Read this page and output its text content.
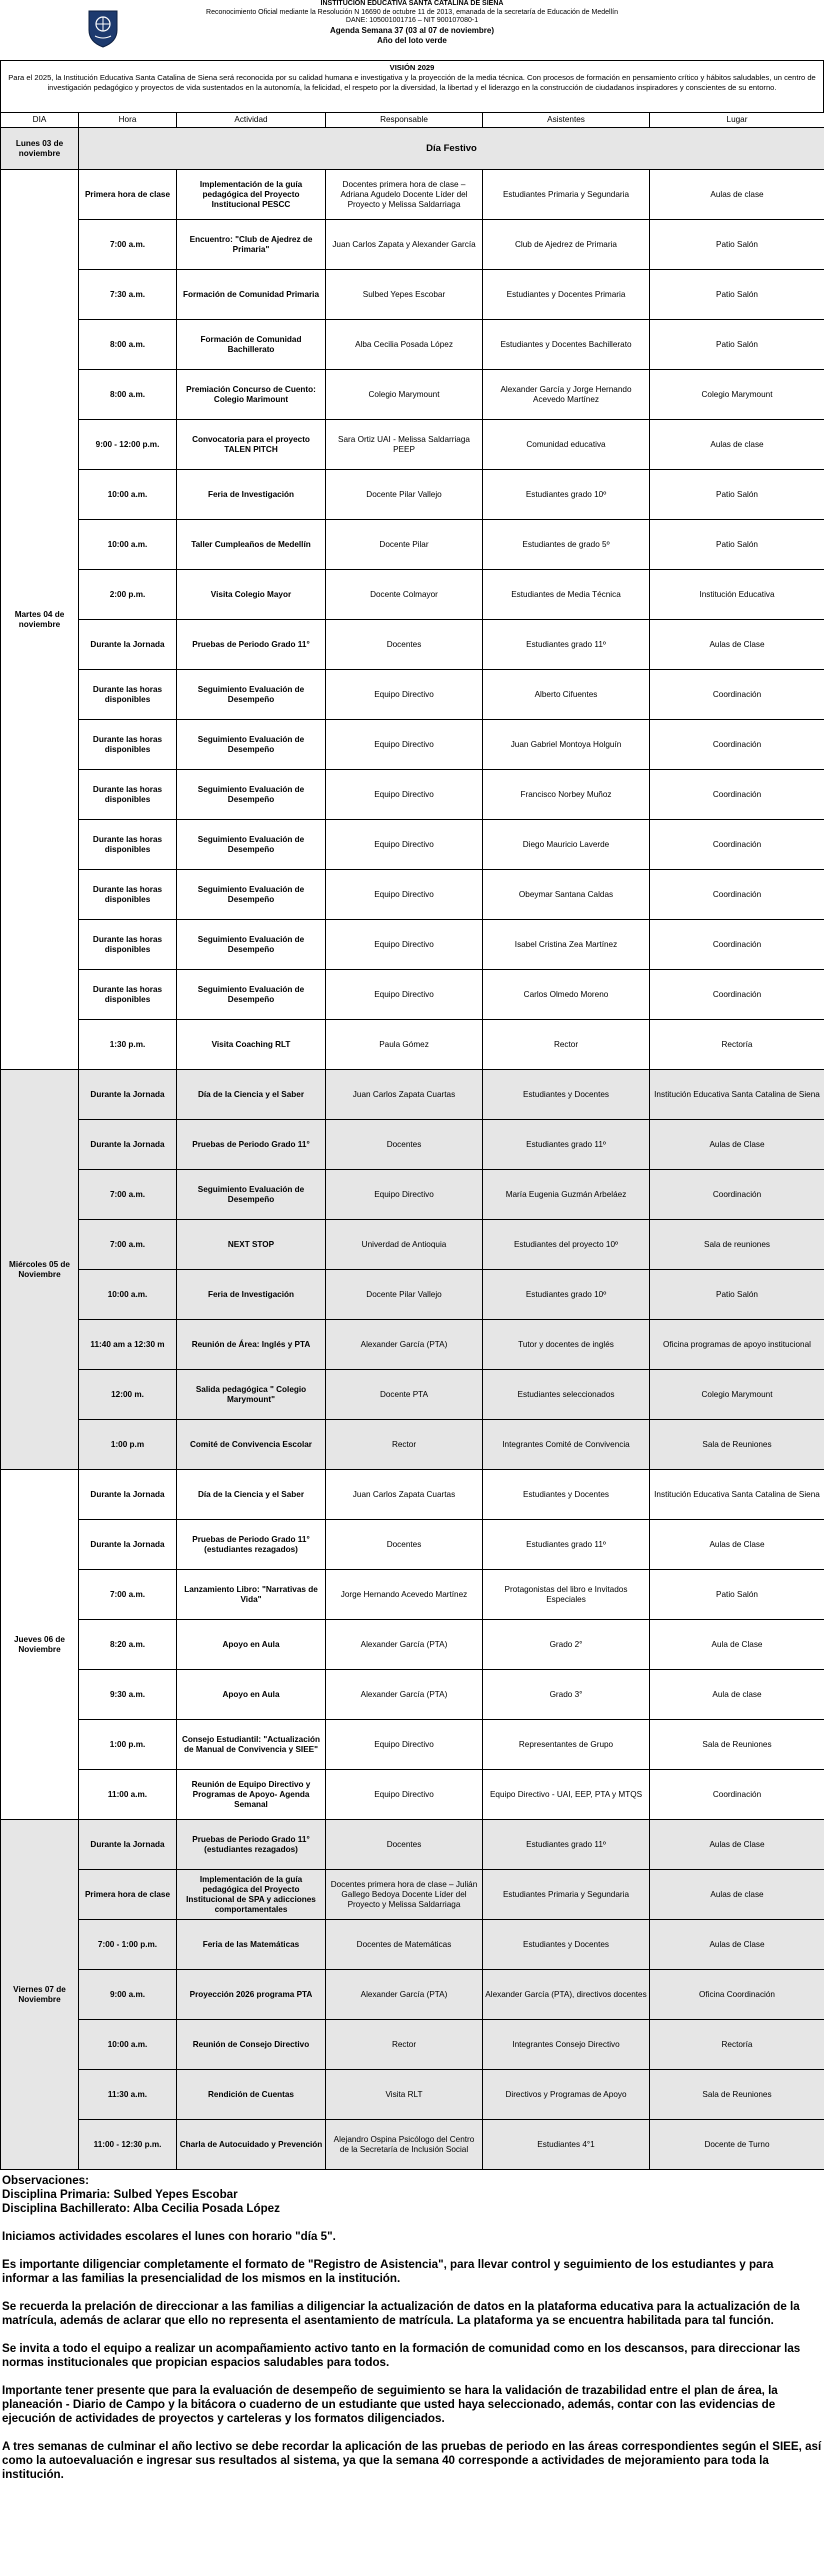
INSTITUCIÓN EDUCATIVA SANTA CATALINA DE SIENA
Reconocimiento Oficial mediante la Resolución N 16690 de octubre 11 de 2013, emanada de la secretaría de Educación de Medellín
DANE: 105001001716 – NIT 900107080-1
Agenda Semana 37 (03 al 07 de noviembre)
Año del loto verde
VISIÓN 2029
Para el 2025, la Institución Educativa Santa Catalina de Siena será reconocida por su calidad humana e investigativa y la proyección de la media técnica. Con procesos de formación en pensamiento crítico y hábitos saludables, un centro de investigación pedagógico y proyectos de vida sustentados en la autonomía, la felicidad, el respeto por la diversidad, la libertad y el liderazgo en la construcción de ciudadanos inspiradores y conscientes de su entorno.
DIA	Hora	Actividad	Responsable	Asistentes	Lugar
Lunes 03 de noviembre	Día Festivo				
Martes 04 de noviembre	Primera hora de clase	Implementación de la guía pedagógica del Proyecto Institucional PESCC	Docentes primera hora de clase – Adriana Agudelo Docente Líder del Proyecto y Melissa Saldarriaga	Estudiantes Primaria y Segundaria	Aulas de clase
	7:00 a.m.	Encuentro: "Club de Ajedrez de Primaria"	Juan Carlos Zapata y Alexander García	Club de Ajedrez de Primaria	Patio Salón
	7:30 a.m.	Formación de Comunidad Primaria	Sulbed Yepes Escobar	Estudiantes y Docentes Primaria	Patio Salón
	8:00 a.m.	Formación de Comunidad Bachillerato	Alba Cecilia Posada López	Estudiantes y Docentes Bachillerato	Patio Salón
	8:00 a.m.	Premiación Concurso de Cuento: Colegio Marimount	Colegio Marymount	Alexander García y Jorge Hernando Acevedo Martínez	Colegio Marymount
	9:00 - 12:00 p.m.	Convocatoria para el proyecto TALEN PITCH	Sara Ortiz UAI - Melissa Saldarriaga PEEP	Comunidad educativa	Aulas de clase
	10:00 a.m.	Feria de Investigación	Docente Pilar Vallejo	Estudiantes grado 10º	Patio Salón
	10:00 a.m.	Taller Cumpleaños de Medellín	Docente Pilar	Estudiantes de grado 5º	Patio Salón
	2:00 p.m.	Visita Colegio Mayor	Docente Colmayor	Estudiantes de Media Técnica	Institución Educativa
	Durante la Jornada	Pruebas de Periodo Grado 11°	Docentes	Estudiantes grado 11º	Aulas de Clase
	Durante las horas disponibles	Seguimiento Evaluación de Desempeño	Equipo Directivo	Alberto Cifuentes	Coordinación
	Durante las horas disponibles	Seguimiento Evaluación de Desempeño	Equipo Directivo	Juan Gabriel Montoya Holguín	Coordinación
	Durante las horas disponibles	Seguimiento Evaluación de Desempeño	Equipo Directivo	Francisco Norbey Muñoz	Coordinación
	Durante las horas disponibles	Seguimiento Evaluación de Desempeño	Equipo Directivo	Diego Mauricio Laverde	Coordinación
	Durante las horas disponibles	Seguimiento Evaluación de Desempeño	Equipo Directivo	Obeymar Santana Caldas	Coordinación
	Durante las horas disponibles	Seguimiento Evaluación de Desempeño	Equipo Directivo	Isabel Cristina Zea Martínez	Coordinación
	Durante las horas disponibles	Seguimiento Evaluación de Desempeño	Equipo Directivo	Carlos Olmedo Moreno	Coordinación
	1:30 p.m.	Visita Coaching RLT	Paula Gómez	Rector	Rectoría
Miércoles 05 de Noviembre	Durante la Jornada	Día de la Ciencia y el Saber	Juan Carlos Zapata Cuartas	Estudiantes y Docentes	Institución Educativa Santa Catalina de Siena
	Durante la Jornada	Pruebas de Periodo Grado 11°	Docentes	Estudiantes grado 11º	Aulas de Clase
	7:00 a.m.	Seguimiento Evaluación de Desempeño	Equipo Directivo	María Eugenia Guzmán Arbeláez	Coordinación
	7:00 a.m.	NEXT STOP	Univerdad de Antioquia	Estudiantes del proyecto 10º	Sala de reuniones
	10:00 a.m.	Feria de Investigación	Docente Pilar Vallejo	Estudiantes grado 10º	Patio Salón
	11:40 am a 12:30 m	Reunión de Área: Inglés y PTA	Alexander García (PTA)	Tutor y docentes de inglés	Oficina programas de apoyo institucional
	12:00 m.	Salida pedagógica " Colegio Marymount"	Docente PTA	Estudiantes seleccionados	Colegio Marymount
	1:00 p.m	Comité de Convivencia Escolar	Rector	Integrantes Comité de Convivencia	Sala de Reuniones
Jueves 06 de Noviembre	Durante la Jornada	Día de la Ciencia y el Saber	Juan Carlos Zapata Cuartas	Estudiantes y Docentes	Institución Educativa Santa Catalina de Siena
	Durante la Jornada	Pruebas de Periodo Grado 11° (estudiantes rezagados)	Docentes	Estudiantes grado 11º	Aulas de Clase
	7:00 a.m.	Lanzamiento Libro: "Narrativas de Vida"	Jorge Hernando Acevedo Martínez	Protagonistas del libro e Invitados Especiales	Patio Salón
	8:20 a.m.	Apoyo en Aula	Alexander García (PTA)	Grado 2°	Aula de Clase
	9:30 a.m.	Apoyo en Aula	Alexander García (PTA)	Grado 3°	Aula de clase
	1:00 p.m.	Consejo Estudiantil: "Actualización de Manual de Convivencia y SIEE"	Equipo Directivo	Representantes de Grupo	Sala de Reuniones
	11:00 a.m.	Reunión de Equipo Directivo y Programas de Apoyo- Agenda Semanal	Equipo Directivo	Equipo Directivo - UAI, EEP, PTA y MTQS	Coordinación
Viernes 07 de Noviembre	Durante la Jornada	Pruebas de Periodo Grado 11° (estudiantes rezagados)	Docentes	Estudiantes grado 11º	Aulas de Clase
	Primera hora de clase	Implementación de la guía pedagógica del Proyecto Institucional de SPA y adicciones comportamentales	Docentes primera hora de clase – Julián Gallego Bedoya Docente Líder del Proyecto y Melissa Saldarriaga	Estudiantes Primaria y Segundaria	Aulas de clase
	7:00 - 1:00 p.m.	Feria de las Matemáticas	Docentes de Matemáticas	Estudiantes y Docentes	Aulas de Clase
	9:00 a.m.	Proyección 2026 programa PTA	Alexander García (PTA)	Alexander García (PTA), directivos docentes	Oficina Coordinación
	10:00 a.m.	Reunión de Consejo Directivo	Rector	Integrantes Consejo Directivo	Rectoría
	11:30 a.m.	Rendición de Cuentas	Visita RLT	Directivos y Programas de Apoyo	Sala de Reuniones
	11:00 - 12:30 p.m.	Charla de Autocuidado y Prevención	Alejandro Ospina Psicólogo del Centro de la Secretaría de Inclusión Social	Estudiantes 4°1	Docente de Turno
Observaciones:
Disciplina Primaria: Sulbed Yepes Escobar

Disciplina Bachillerato: Alba Cecilia Posada López

Iniciamos actividades escolares el lunes con horario "día 5".

Es importante diligenciar completamente el formato de "Registro de Asistencia", para llevar control y seguimiento de los estudiantes y para informar a las familias la presencialidad de los mismos en la institución.

Se recuerda la prelación de direccionar a las familias a diligenciar la actualización de datos en la plataforma educativa para la actualización de la matrícula, además de aclarar que ello no representa el asentamiento de matrícula. La plataforma ya se encuentra habilitada para tal función.

Se invita a todo el equipo a realizar un acompañamiento activo tanto en la formación de comunidad como en los descansos, para direccionar las normas institucionales que propician espacios saludables para todos.

Importante tener presente que para la evaluación de desempeño de seguimiento se hara la validación de trazabilidad entre el plan de área, la planeación - Diario de Campo y la bitácora o cuaderno de un estudiante que usted haya seleccionado, además, contar con las evidencias de ejecución de actividades de proyectos y carteleras y los formatos diligenciados.

A tres semanas de culminar el año lectivo se debe recordar la aplicación de las pruebas de periodo en las áreas correspondientes según el SIEE, así como la autoevaluación e ingresar sus resultados al sistema, ya que la semana 40 corresponde a actividades de mejoramiento para toda la institución.
